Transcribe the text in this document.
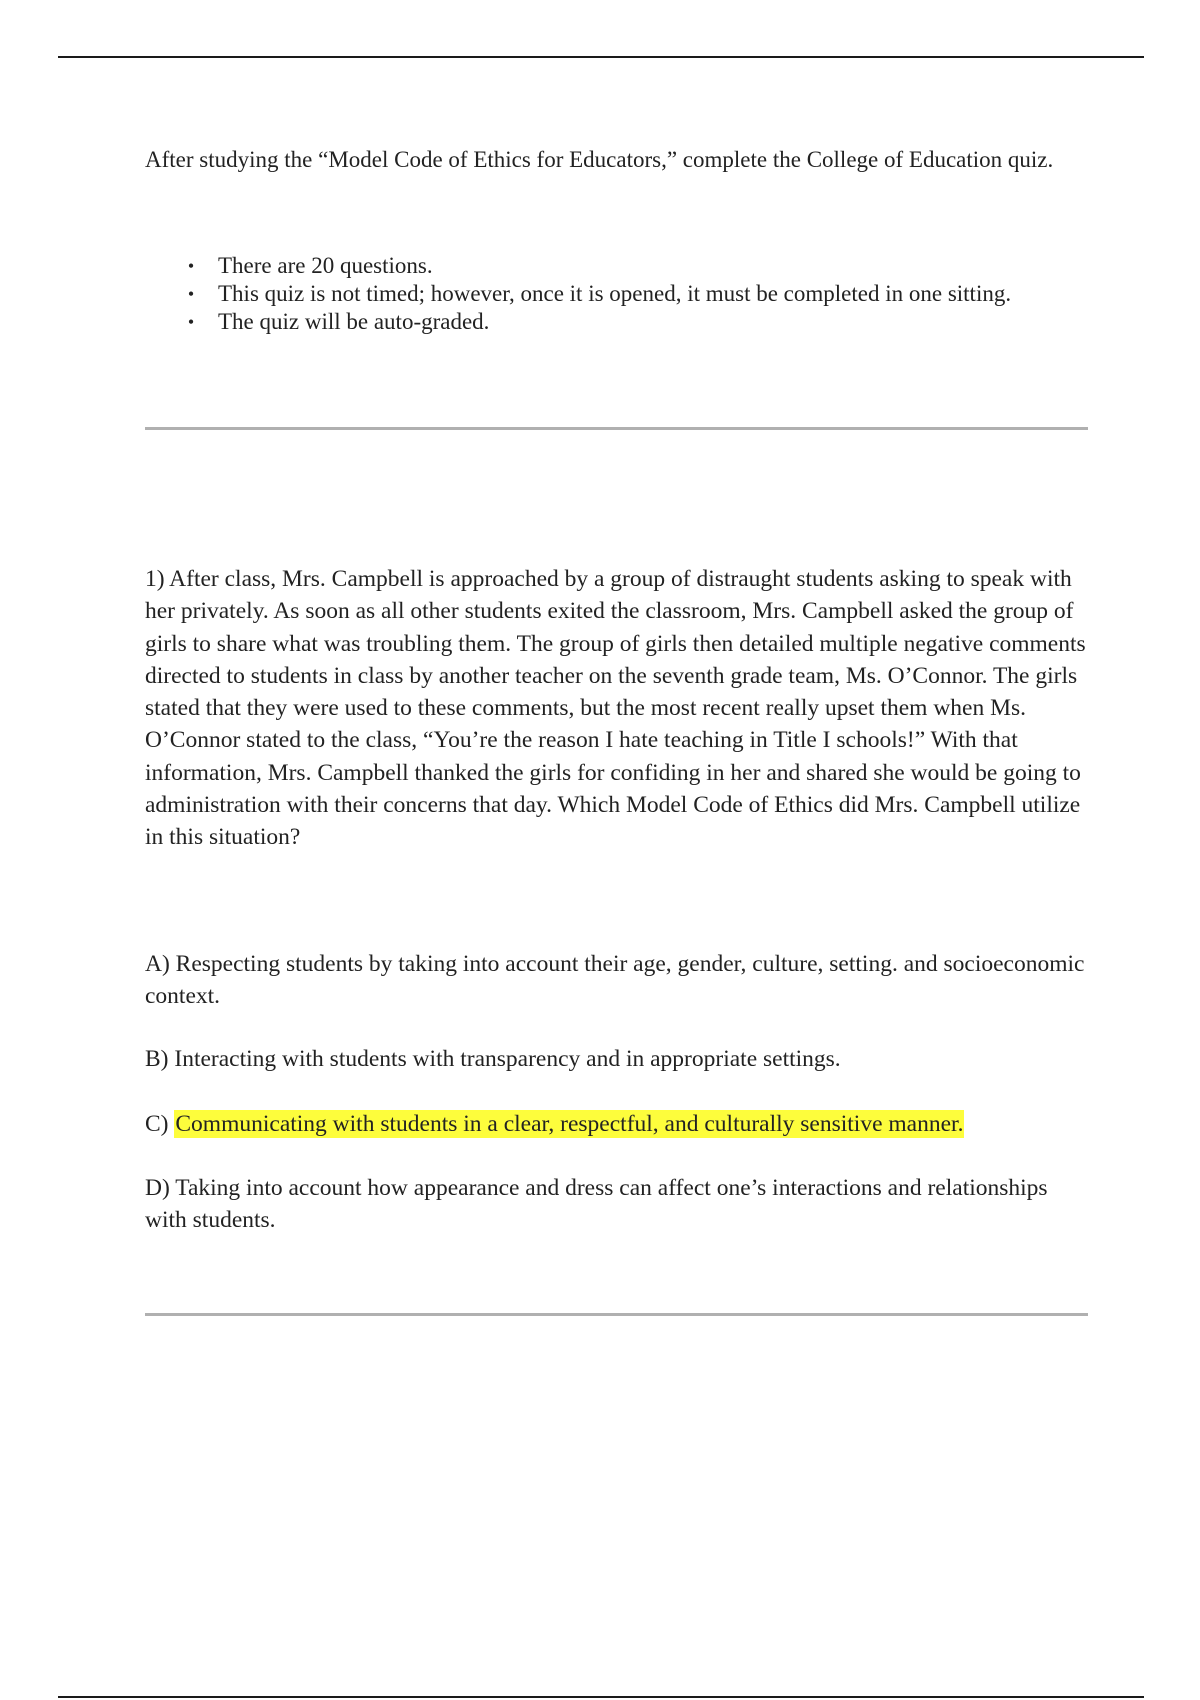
After studying the “Model Code of Ethics for Educators,” complete the College of Education quiz.

• There are 20 questions.
• This quiz is not timed; however, once it is opened, it must be completed in one sitting.
• The quiz will be auto-graded.

1) After class, Mrs. Campbell is approached by a group of distraught students asking to speak with her privately. As soon as all other students exited the classroom, Mrs. Campbell asked the group of girls to share what was troubling them. The group of girls then detailed multiple negative comments directed to students in class by another teacher on the seventh grade team, Ms. O’Connor. The girls stated that they were used to these comments, but the most recent really upset them when Ms. O’Connor stated to the class, “You’re the reason I hate teaching in Title I schools!” With that information, Mrs. Campbell thanked the girls for confiding in her and shared she would be going to administration with their concerns that day. Which Model Code of Ethics did Mrs. Campbell utilize in this situation?

A) Respecting students by taking into account their age, gender, culture, setting. and socioeconomic context.

B) Interacting with students with transparency and in appropriate settings.

C) Communicating with students in a clear, respectful, and culturally sensitive manner.

D) Taking into account how appearance and dress can affect one’s interactions and relationships with students.
